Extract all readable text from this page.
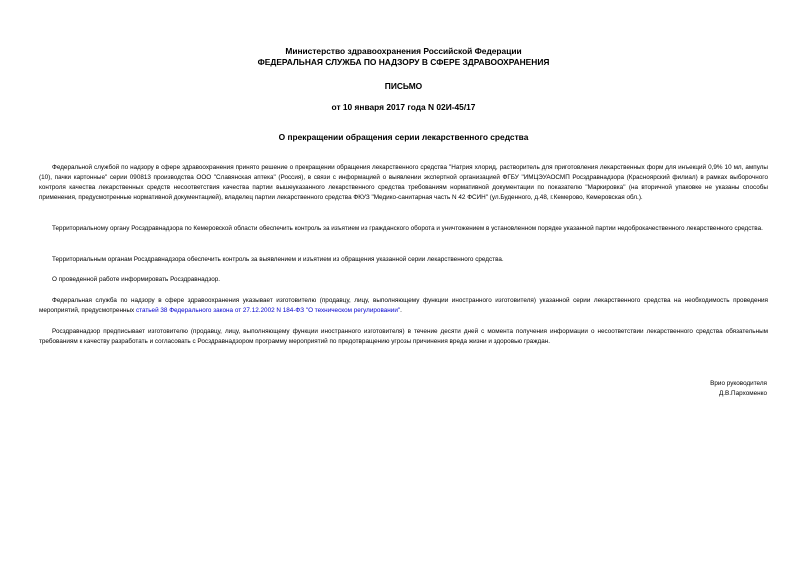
Министерство здравоохранения Российской Федерации
ФЕДЕРАЛЬНАЯ СЛУЖБА ПО НАДЗОРУ В СФЕРЕ ЗДРАВООХРАНЕНИЯ
ПИСЬМО
от 10 января 2017 года N 02И-45/17
О прекращении обращения серии лекарственного средства

Федеральной службой по надзору в сфере здравоохранения принято решение о прекращении обращения лекарственного средства "Натрия хлорид, растворитель для приготовления лекарственных форм для инъекций 0,9% 10 мл, ампулы (10), пачки картонные" серии 090813 производства ООО "Славянская аптека" (Россия), в связи с информацией о выявлении экспертной организацией ФГБУ "ИМЦЭУАОСМП Росздравнадзора (Красноярский филиал) в рамках выборочного контроля качества лекарственных средств несоответствия качества партии вышеуказанного лекарственного средства требованиям нормативной документации по показателю "Маркировка" (на вторичной упаковке не указаны способы применения, предусмотренные нормативной документацией), владелец партии лекарственного средства ФКУЗ "Медико-санитарная часть N 42 ФСИН" (ул.Буденного, д.48, г.Кемерово, Кемеровская обл.).

Территориальному органу Росздравнадзора по Кемеровской области обеспечить контроль за изъятием из гражданского оборота и уничтожением в установленном порядке указанной партии недоброкачественного лекарственного средства.

Территориальным органам Росздравнадзора обеспечить контроль за выявлением и изъятием из обращения указанной серии лекарственного средства.

О проведенной работе информировать Росздравнадзор.

Федеральная служба по надзору в сфере здравоохранения указывает изготовителю (продавцу, лицу, выполняющему функции иностранного изготовителя) указанной серии лекарственного средства на необходимость проведения мероприятий, предусмотренных статьей 38 Федерального закона от 27.12.2002 N 184-ФЗ "О техническом регулировании".

Росздравнадзор предписывает изготовителю (продавцу, лицу, выполняющему функции иностранного изготовителя) в течение десяти дней с момента получения информации о несоответствии лекарственного средства обязательным требованиям к качеству разработать и согласовать с Росздравнадзором программу мероприятий по предотвращению угрозы причинения вреда жизни и здоровью граждан.

Врио руководителя
Д.В.Пархоменко
